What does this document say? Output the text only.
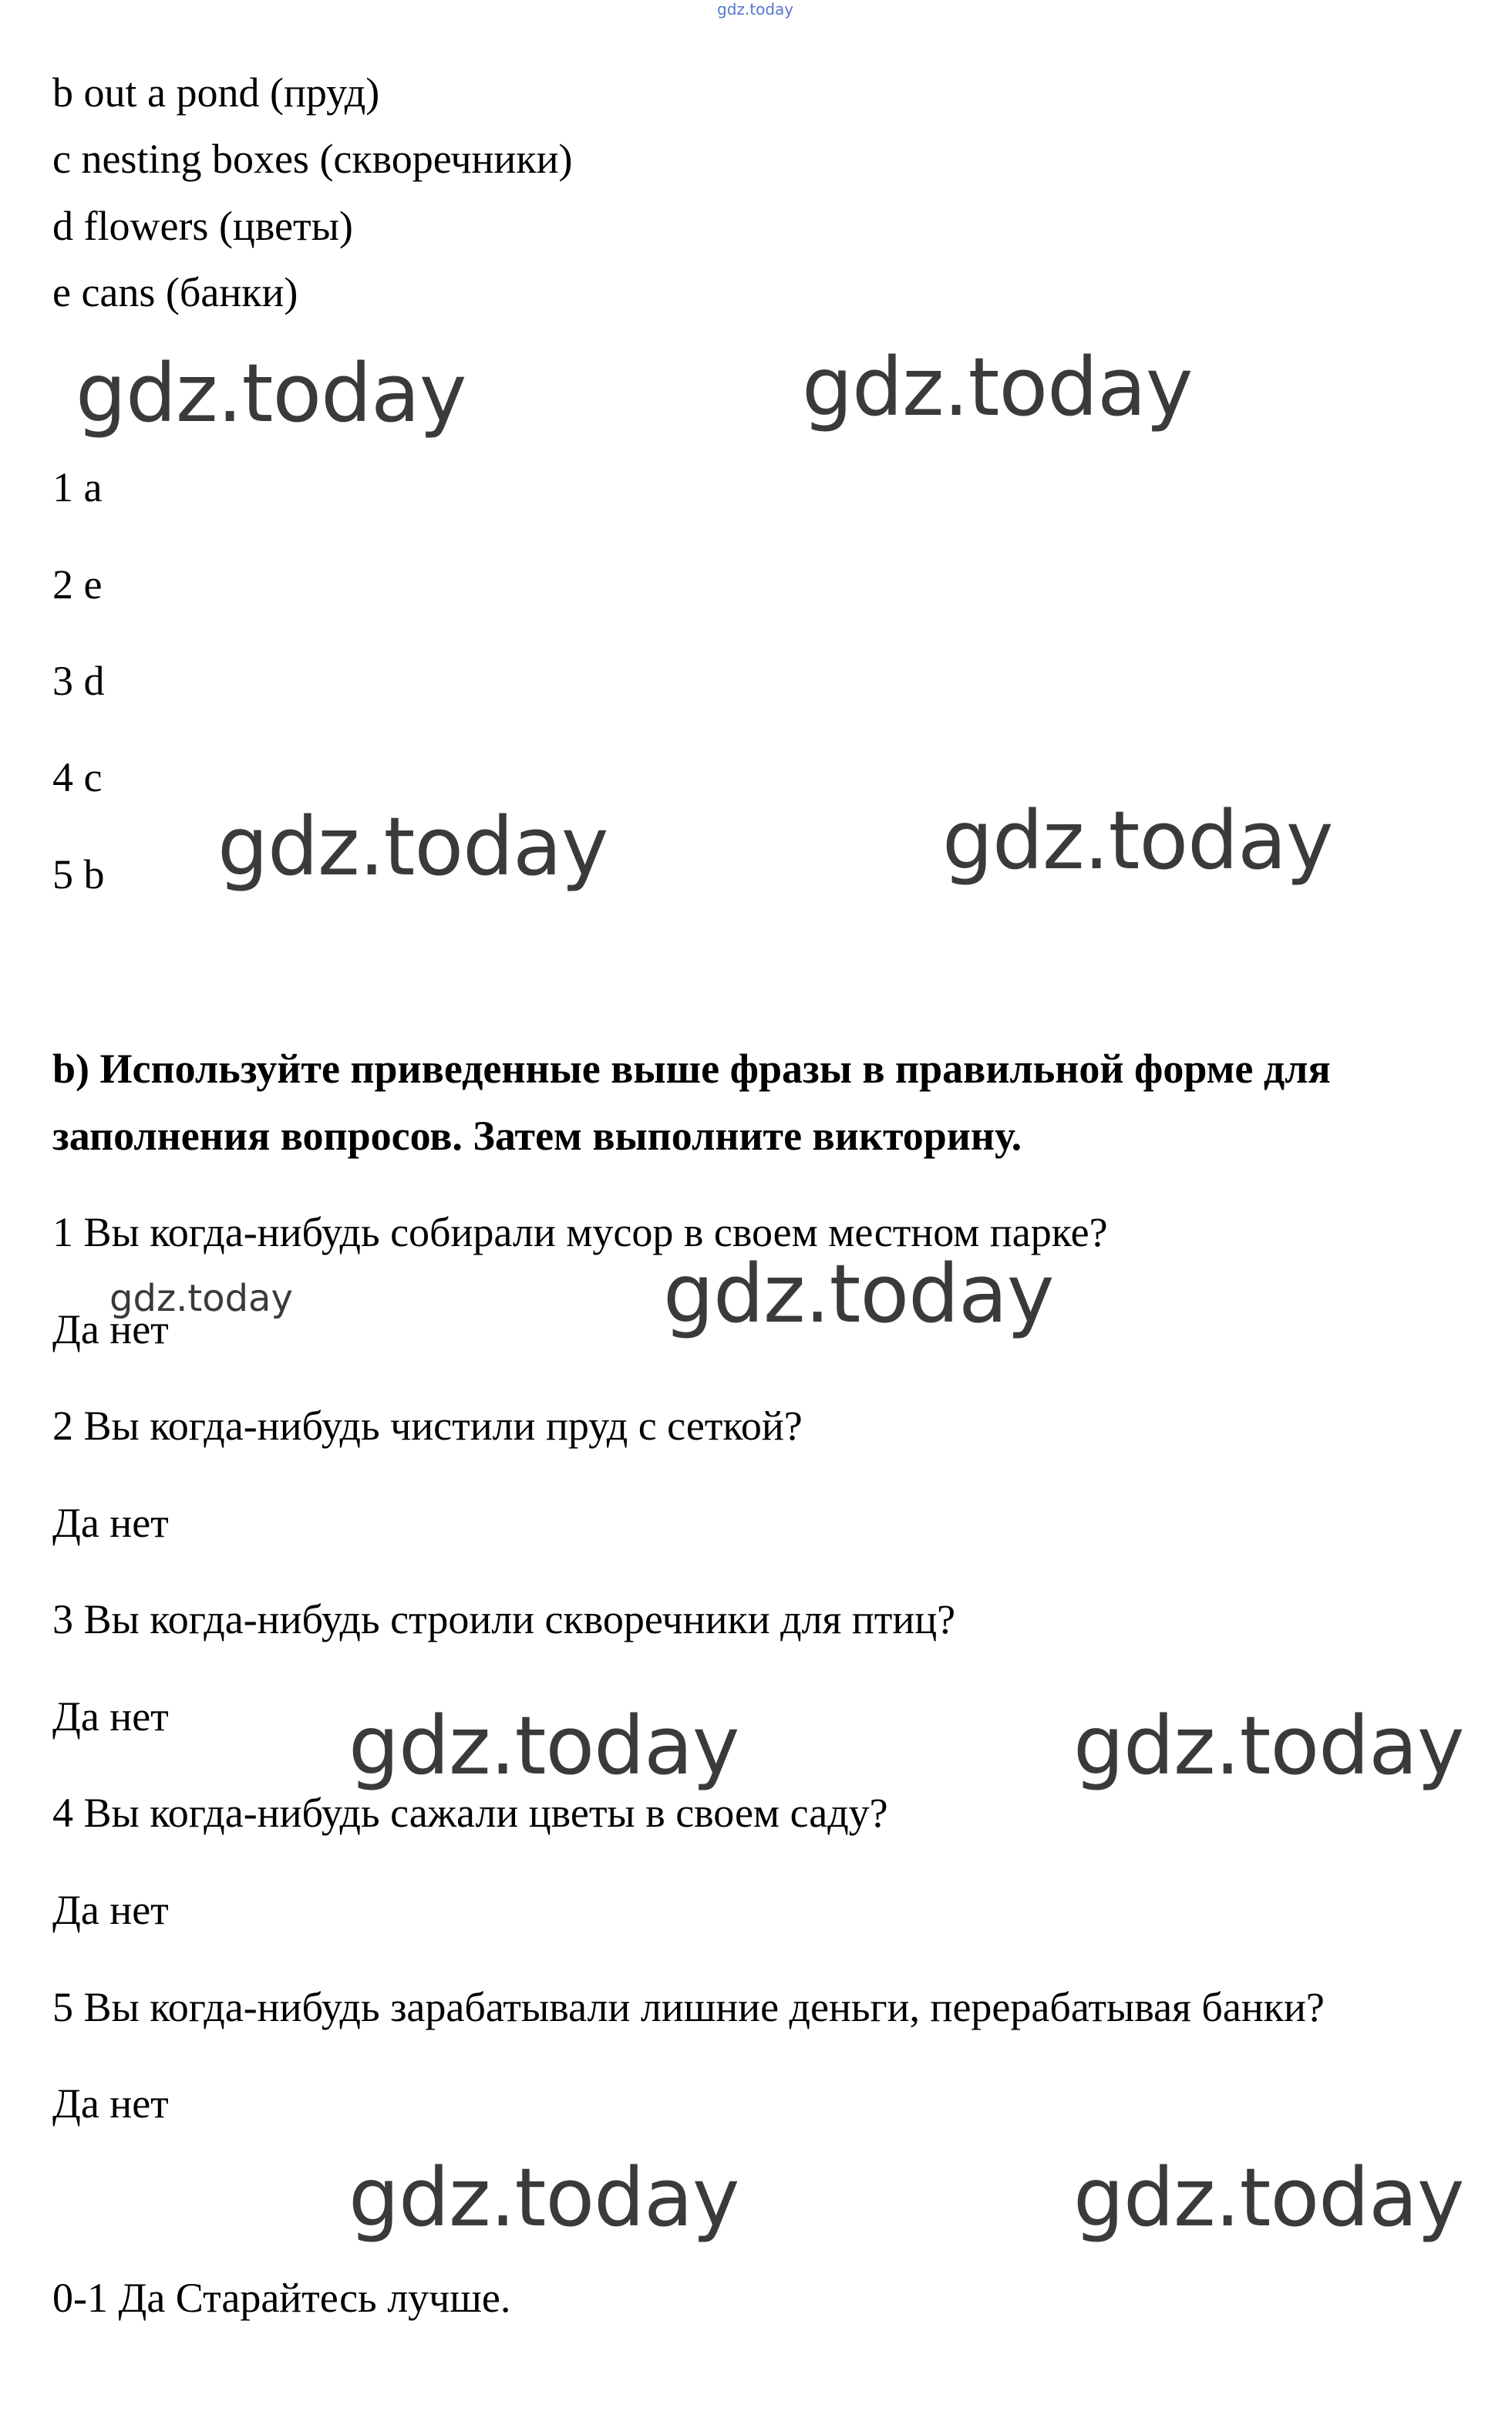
gdz.today
b out a pond (пруд)
c nesting boxes (скворечники)
d flowers (цветы)
e cans (банки)
gdz.today	gdz.today
1 a
2 e
3 d
4 c
5 b gdz.today	gdz.today
b) Используйте приведенные выше фразы в правильной форме для
заполнения вопросов. Затем выполните викторину.
1 Вы когда-нибудь собирали мусор в своем местном парке?
gdz.today
Да нет	gdz.today
2 Вы когда-нибудь чистили пруд с сеткой?
Да нет
3 Вы когда-нибудь строили скворечники для птиц?
Да нет gdz.today	gdz.today
4 Вы когда-нибудь сажали цветы в своем саду?
Да нет
5 Вы когда-нибудь зарабатывали лишние деньги, перерабатывая банки?
Да нет
gdz.today	gdz.today
0-1 Да Старайтесь лучше.
